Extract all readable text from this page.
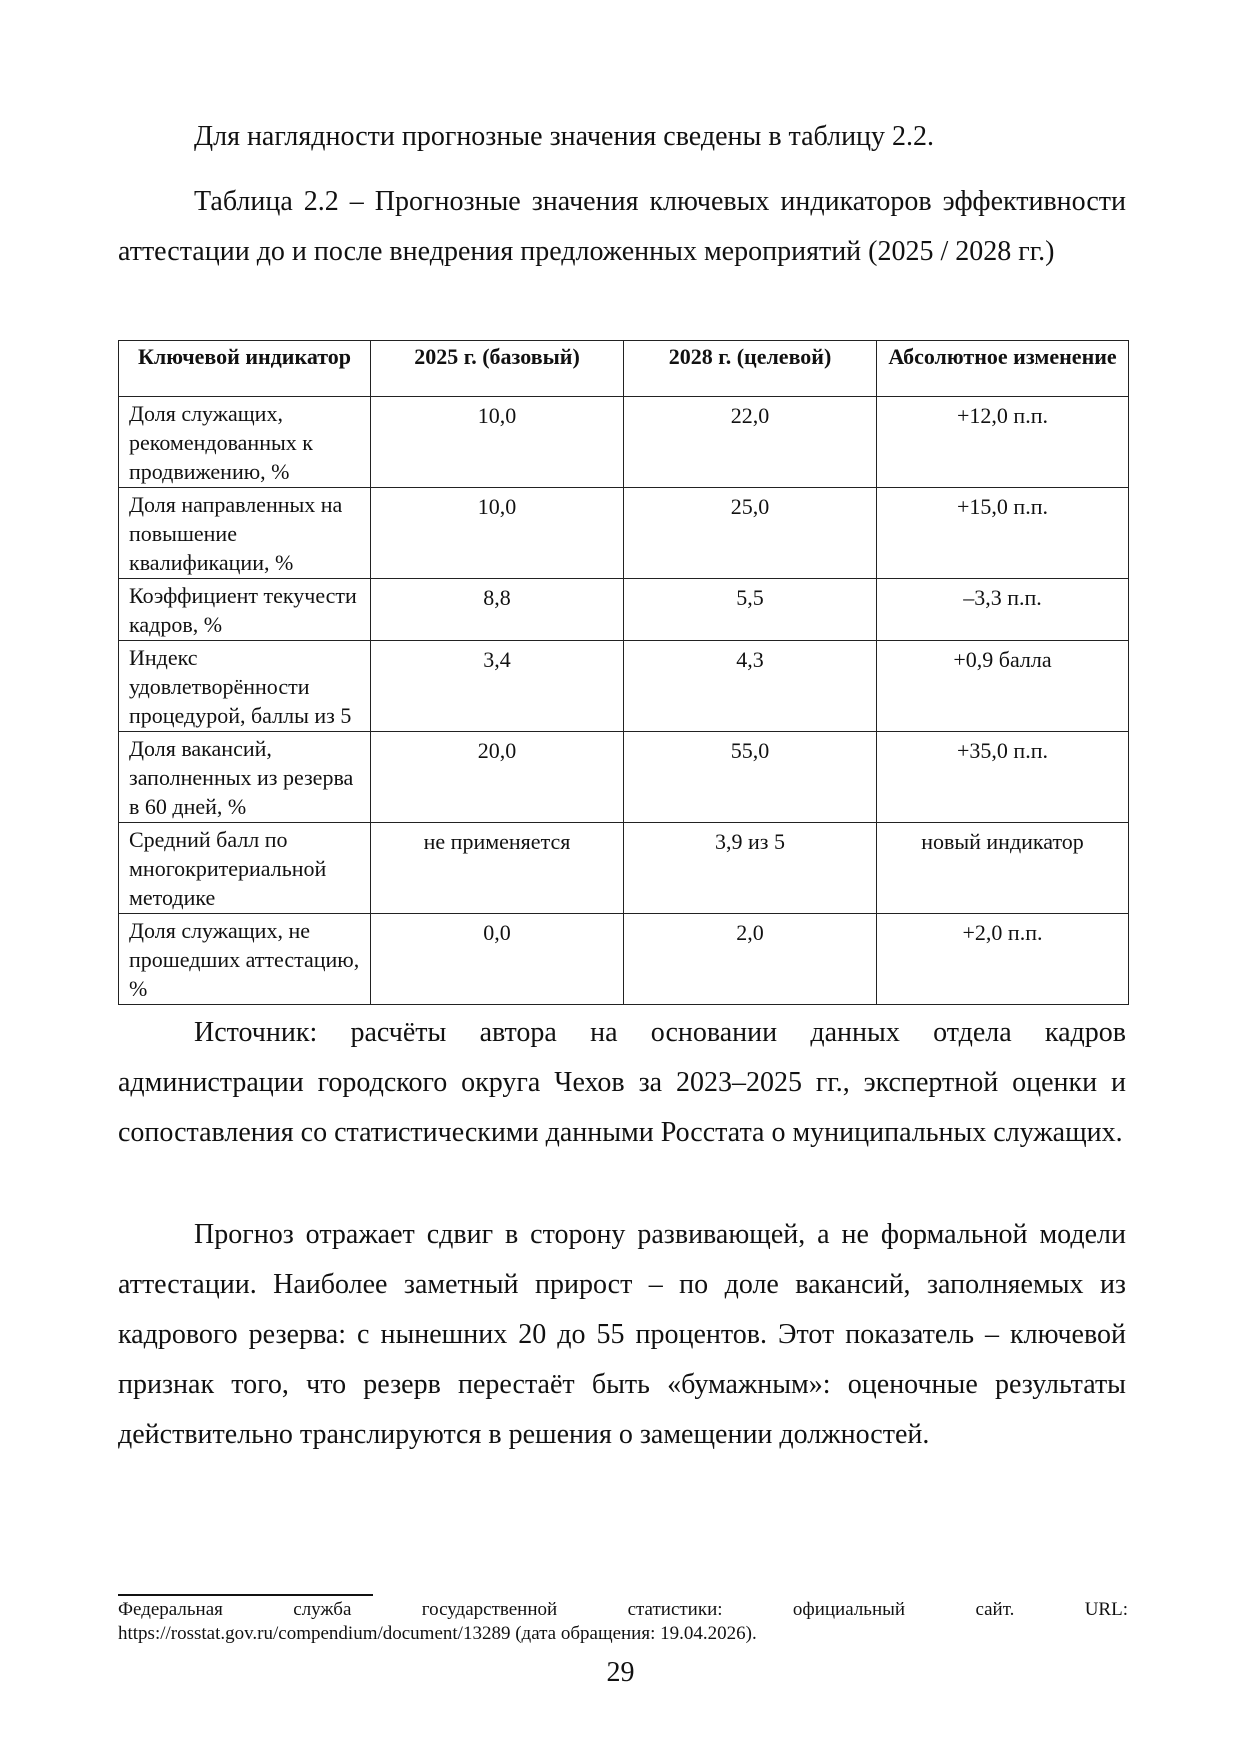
Для наглядности прогнозные значения сведены в таблицу 2.2.

Таблица 2.2 – Прогнозные значения ключевых индикаторов эффективности аттестации до и после внедрения предложенных мероприятий (2025 / 2028 гг.)

Ключевой индикатор	2025 г. (базовый)	2028 г. (целевой)	Абсолютное изменение
Доля служащих, рекомендованных к продвижению, %	10,0	22,0	+12,0 п.п.
Доля направленных на повышение квалификации, %	10,0	25,0	+15,0 п.п.
Коэффициент текучести кадров, %	8,8	5,5	–3,3 п.п.
Индекс удовлетворённости процедурой, баллы из 5	3,4	4,3	+0,9 балла
Доля вакансий, заполненных из резерва в 60 дней, %	20,0	55,0	+35,0 п.п.
Средний балл по многокритериальной методике	не применяется	3,9 из 5	новый индикатор
Доля служащих, не прошедших аттестацию, %	0,0	2,0	+2,0 п.п.

Источник: расчёты автора на основании данных отдела кадров администрации городского округа Чехов за 2023–2025 гг., экспертной оценки и сопоставления со статистическими данными Росстата о муниципальных служащих.

Прогноз отражает сдвиг в сторону развивающей, а не формальной модели аттестации. Наиболее заметный прирост – по доле вакансий, заполняемых из кадрового резерва: с нынешних 20 до 55 процентов. Этот показатель – ключевой признак того, что резерв перестаёт быть «бумажным»: оценочные результаты действительно транслируются в решения о замещении должностей.

Федеральная служба государственной статистики: официальный сайт. URL: https://rosstat.gov.ru/compendium/document/13289 (дата обращения: 19.04.2026).

29
